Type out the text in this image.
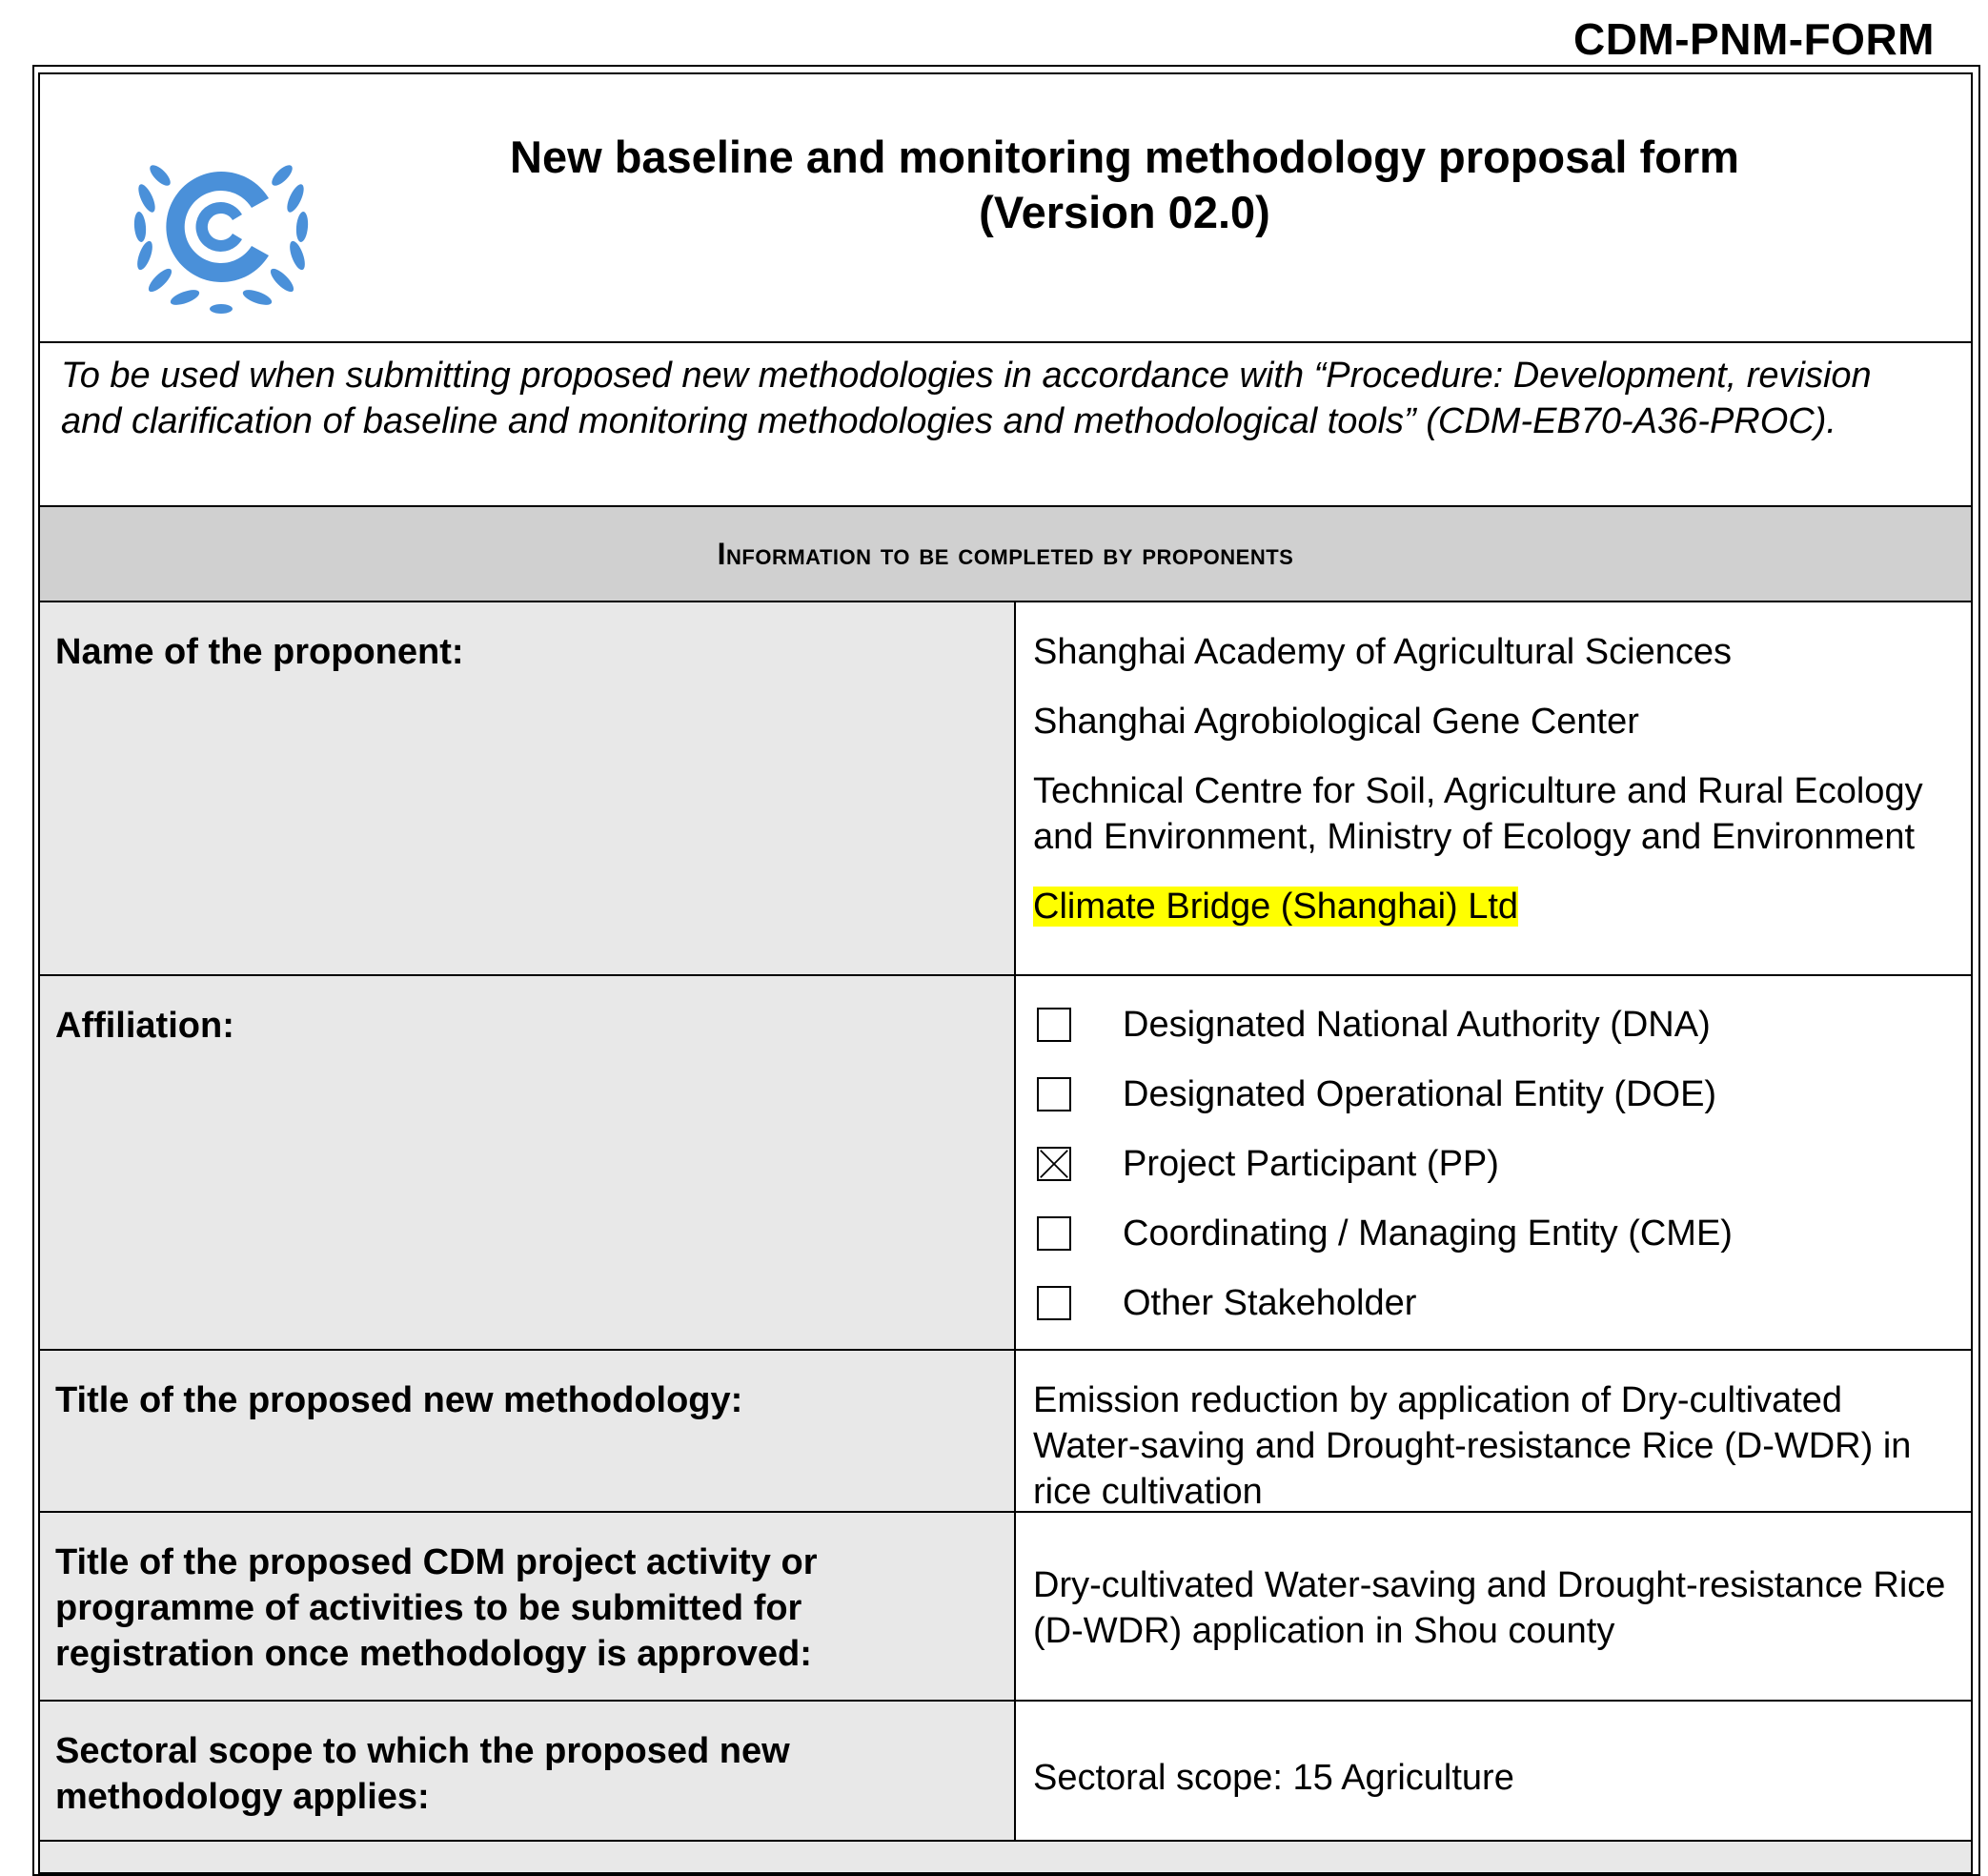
CDM-PNM-FORM
New baseline and monitoring methodology proposal form
(Version 02.0)
To be used when submitting proposed new methodologies in accordance with “Procedure: Development, revision and clarification of baseline and monitoring methodologies and methodological tools” (CDM-EB70-A36-PROC).
Information to be completed by proponents
Name of the proponent:	Shanghai Academy of Agricultural Sciences

Shanghai Agrobiological Gene Center

Technical Centre for Soil, Agriculture and Rural Ecology and Environment, Ministry of Ecology and Environment

Climate Bridge (Shanghai) Ltd

Affiliation:	Designated National Authority (DNA)
Designated Operational Entity (DOE)
Project Participant (PP)
Coordinating / Managing Entity (CME)
Other Stakeholder
Title of the proposed new methodology:	Emission reduction by application of Dry-cultivated Water-saving and Drought-resistance Rice (D-WDR) in rice cultivation
Title of the proposed CDM project activity or programme of activities to be submitted for registration once methodology is approved:
Dry-cultivated Water-saving and Drought-resistance Rice (D-WDR) application in Shou county
Sectoral scope to which the proposed new methodology applies:	Sectoral scope: 15 Agriculture
